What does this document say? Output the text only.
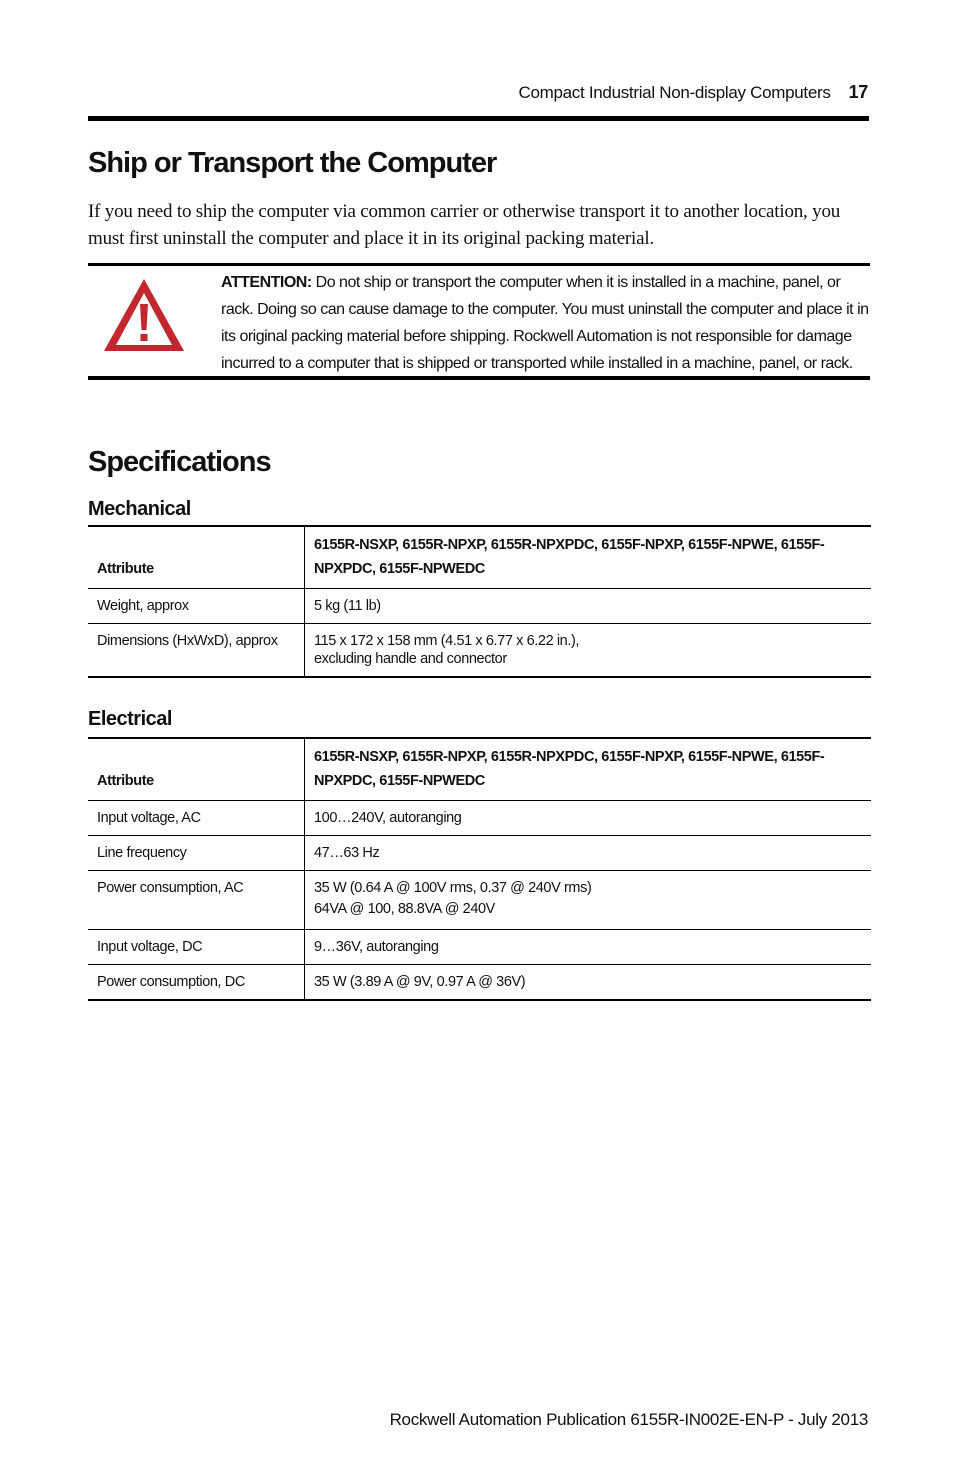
Compact Industrial Non-display Computers 17
Ship or Transport the Computer

If you need to ship the computer via common carrier or otherwise transport it to another location, you must first uninstall the computer and place it in its original packing material.

ATTENTION: Do not ship or transport the computer when it is installed in a machine, panel, or rack. Doing so can cause damage to the computer. You must uninstall the computer and place it in its original packing material before shipping. Rockwell Automation is not responsible for damage incurred to a computer that is shipped or transported while installed in a machine, panel, or rack.

Specifications
Mechanical
Attribute	6155R-NSXP, 6155R-NPXP, 6155R-NPXPDC, 6155F-NPXP, 6155F-NPWE, 6155F-NPXPDC, 6155F-NPWEDC
Weight, approx	5 kg (11 lb)
Dimensions (HxWxD), approx	115 x 172 x 158 mm (4.51 x 6.77 x 6.22 in.),
excluding handle and connector
Electrical
Attribute	6155R-NSXP, 6155R-NPXP, 6155R-NPXPDC, 6155F-NPXP, 6155F-NPWE, 6155F-NPXPDC, 6155F-NPWEDC
Input voltage, AC	100…240V, autoranging
Line frequency	47…63 Hz
Power consumption, AC	35 W (0.64 A @ 100V rms, 0.37 @ 240V rms)
64VA @ 100, 88.8VA @ 240V

Input voltage, DC	9…36V, autoranging
Power consumption, DC	35 W (3.89 A @ 9V, 0.97 A @ 36V)
Rockwell Automation Publication 6155R-IN002E-EN-P - July 2013
